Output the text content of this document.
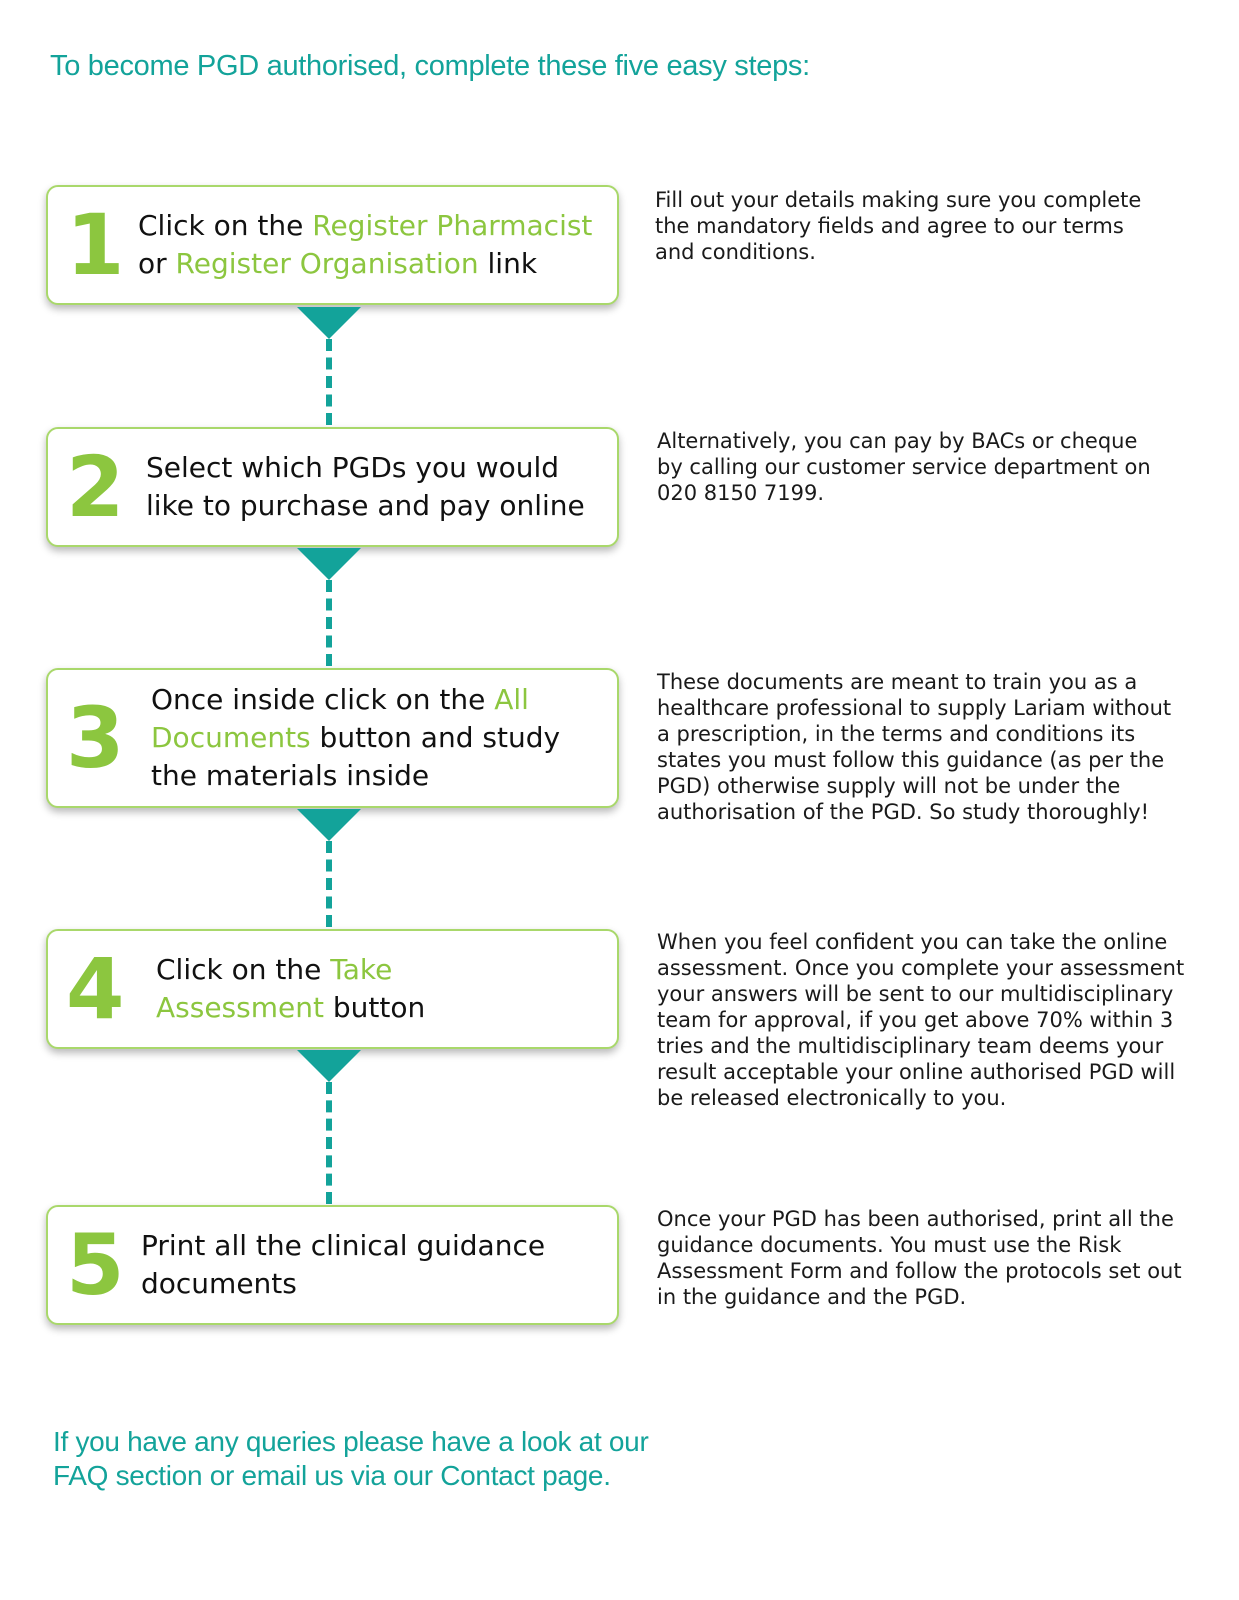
To become PGD authorised, complete these five easy steps:
1 Click on the Register Pharmacist
or Register Organisation link

Fill out your details making sure you complete
the mandatory fields and agree to our terms
and conditions.

2 Select which PGDs you would
like to purchase and pay online

Alternatively, you can pay by BACs or cheque
by calling our customer service department on
020 8150 7199.

3 Once inside click on the All
Documents button and study
the materials inside

These documents are meant to train you as a
healthcare professional to supply Lariam without
a prescription, in the terms and conditions its
states you must follow this guidance (as per the
PGD) otherwise supply will not be under the
authorisation of the PGD. So study thoroughly!

4 Click on the Take
Assessment button

When you feel confident you can take the online
assessment. Once you complete your assessment
your answers will be sent to our multidisciplinary
team for approval, if you get above 70% within 3
tries and the multidisciplinary team deems your
result acceptable your online authorised PGD will
be released electronically to you.

5 Print all the clinical guidance
documents

Once your PGD has been authorised, print all the
guidance documents. You must use the Risk
Assessment Form and follow the protocols set out
in the guidance and the PGD.

If you have any queries please have a look at our
FAQ section or email us via our Contact page.
